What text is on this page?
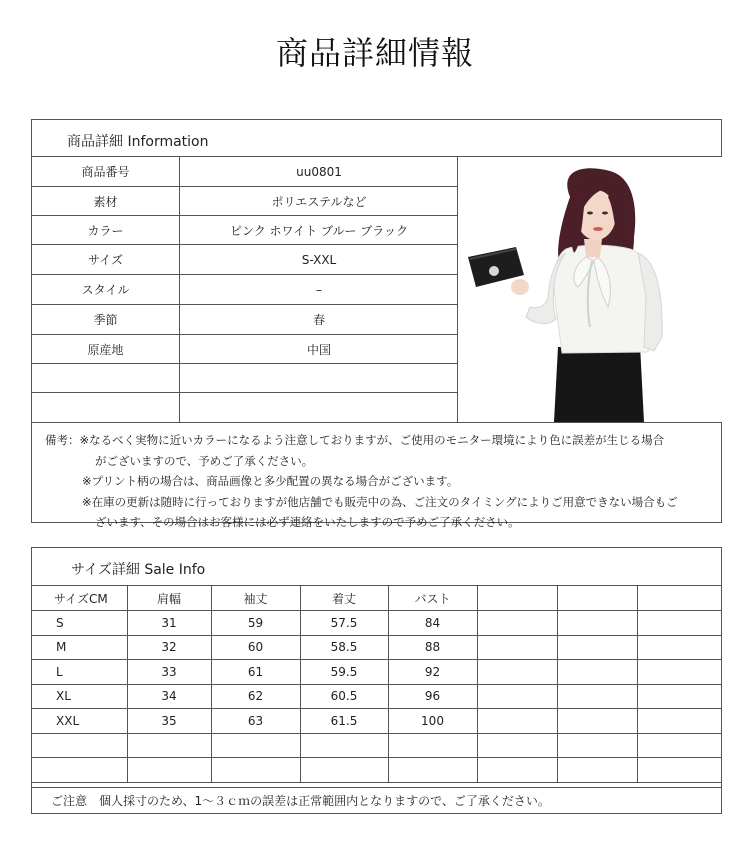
商品詳細情報
商品詳細 Information
商品番号	uu0801
素材	ポリエステルなど
カラー	ピンク ホワイト ブルー ブラック
サイズ	S-XXL
スタイル	–
季節	春
原産地	中国
備考：※なるべく実物に近いカラーになるよう注意しておりますが、ご使用のモニター環境により色に誤差が生じる場合
がございますので、予めご了承ください。
※プリント柄の場合は、商品画像と多少配置の異なる場合がございます。
※在庫の更新は随時に行っておりますが他店舗でも販売中の為、ご注文のタイミングによりご用意できない場合もご
ざいます、その場合はお客様には必ず連絡をいたしますので予めご了承ください。
サイズ詳細 Sale Info
サイズCM	肩幅	袖丈	着丈	バスト			
S	31	59	57.5	84			
M	32	60	58.5	88			
L	33	61	59.5	92			
XL	34	62	60.5	96			
XXL	35	63	61.5	100			

ご注意　個人採寸のため、1～３ｃｍの誤差は正常範囲内となりますので、ご了承ください。
